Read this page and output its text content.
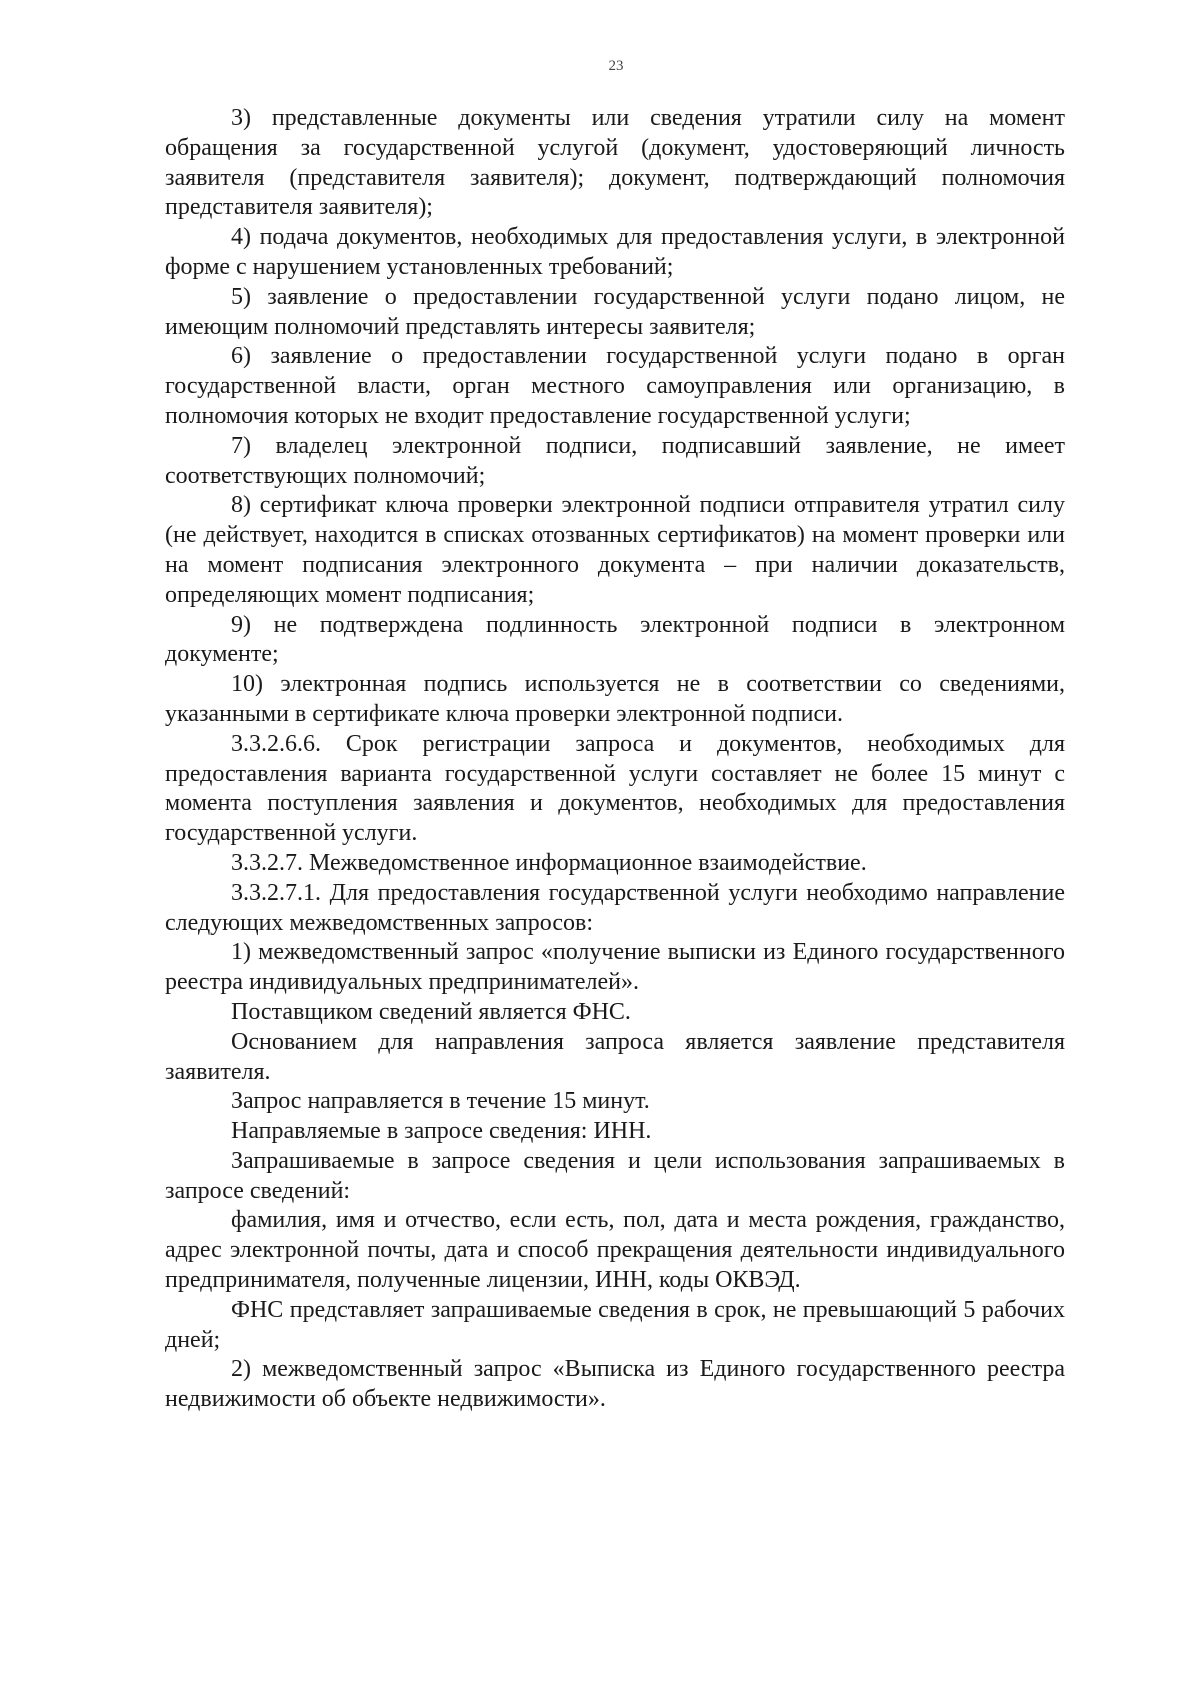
23

3) представленные документы или сведения утратили силу на момент обращения за государственной услугой (документ, удостоверяющий личность заявителя (представителя заявителя); документ, подтверждающий полномочия представителя заявителя);

4) подача документов, необходимых для предоставления услуги, в электронной форме с нарушением установленных требований;

5) заявление о предоставлении государственной услуги подано лицом, не имеющим полномочий представлять интересы заявителя;

6) заявление о предоставлении государственной услуги подано в орган государственной власти, орган местного самоуправления или организацию, в полномочия которых не входит предоставление государственной услуги;

7) владелец электронной подписи, подписавший заявление, не имеет соответствующих полномочий;

8) сертификат ключа проверки электронной подписи отправителя утратил силу (не действует, находится в списках отозванных сертификатов) на момент проверки или на момент подписания электронного документа – при наличии доказательств, определяющих момент подписания;

9) не подтверждена подлинность электронной подписи в электронном документе;

10) электронная подпись используется не в соответствии со сведениями, указанными в сертификате ключа проверки электронной подписи.

3.3.2.6.6. Срок регистрации запроса и документов, необходимых для предоставления варианта государственной услуги составляет не более 15 минут с момента поступления заявления и документов, необходимых для предоставления государственной услуги.

3.3.2.7. Межведомственное информационное взаимодействие.

3.3.2.7.1. Для предоставления государственной услуги необходимо направление следующих межведомственных запросов:

1) межведомственный запрос «получение выписки из Единого государственного реестра индивидуальных предпринимателей».

Поставщиком сведений является ФНС.

Основанием для направления запроса является заявление представителя заявителя.

Запрос направляется в течение 15 минут.

Направляемые в запросе сведения: ИНН.

Запрашиваемые в запросе сведения и цели использования запрашиваемых в запросе сведений:

фамилия, имя и отчество, если есть, пол, дата и места рождения, гражданство, адрес электронной почты, дата и способ прекращения деятельности индивидуального предпринимателя, полученные лицензии, ИНН, коды ОКВЭД.

ФНС представляет запрашиваемые сведения в срок, не превышающий 5 рабочих дней;

2) межведомственный запрос «Выписка из Единого государственного реестра недвижимости об объекте недвижимости».
